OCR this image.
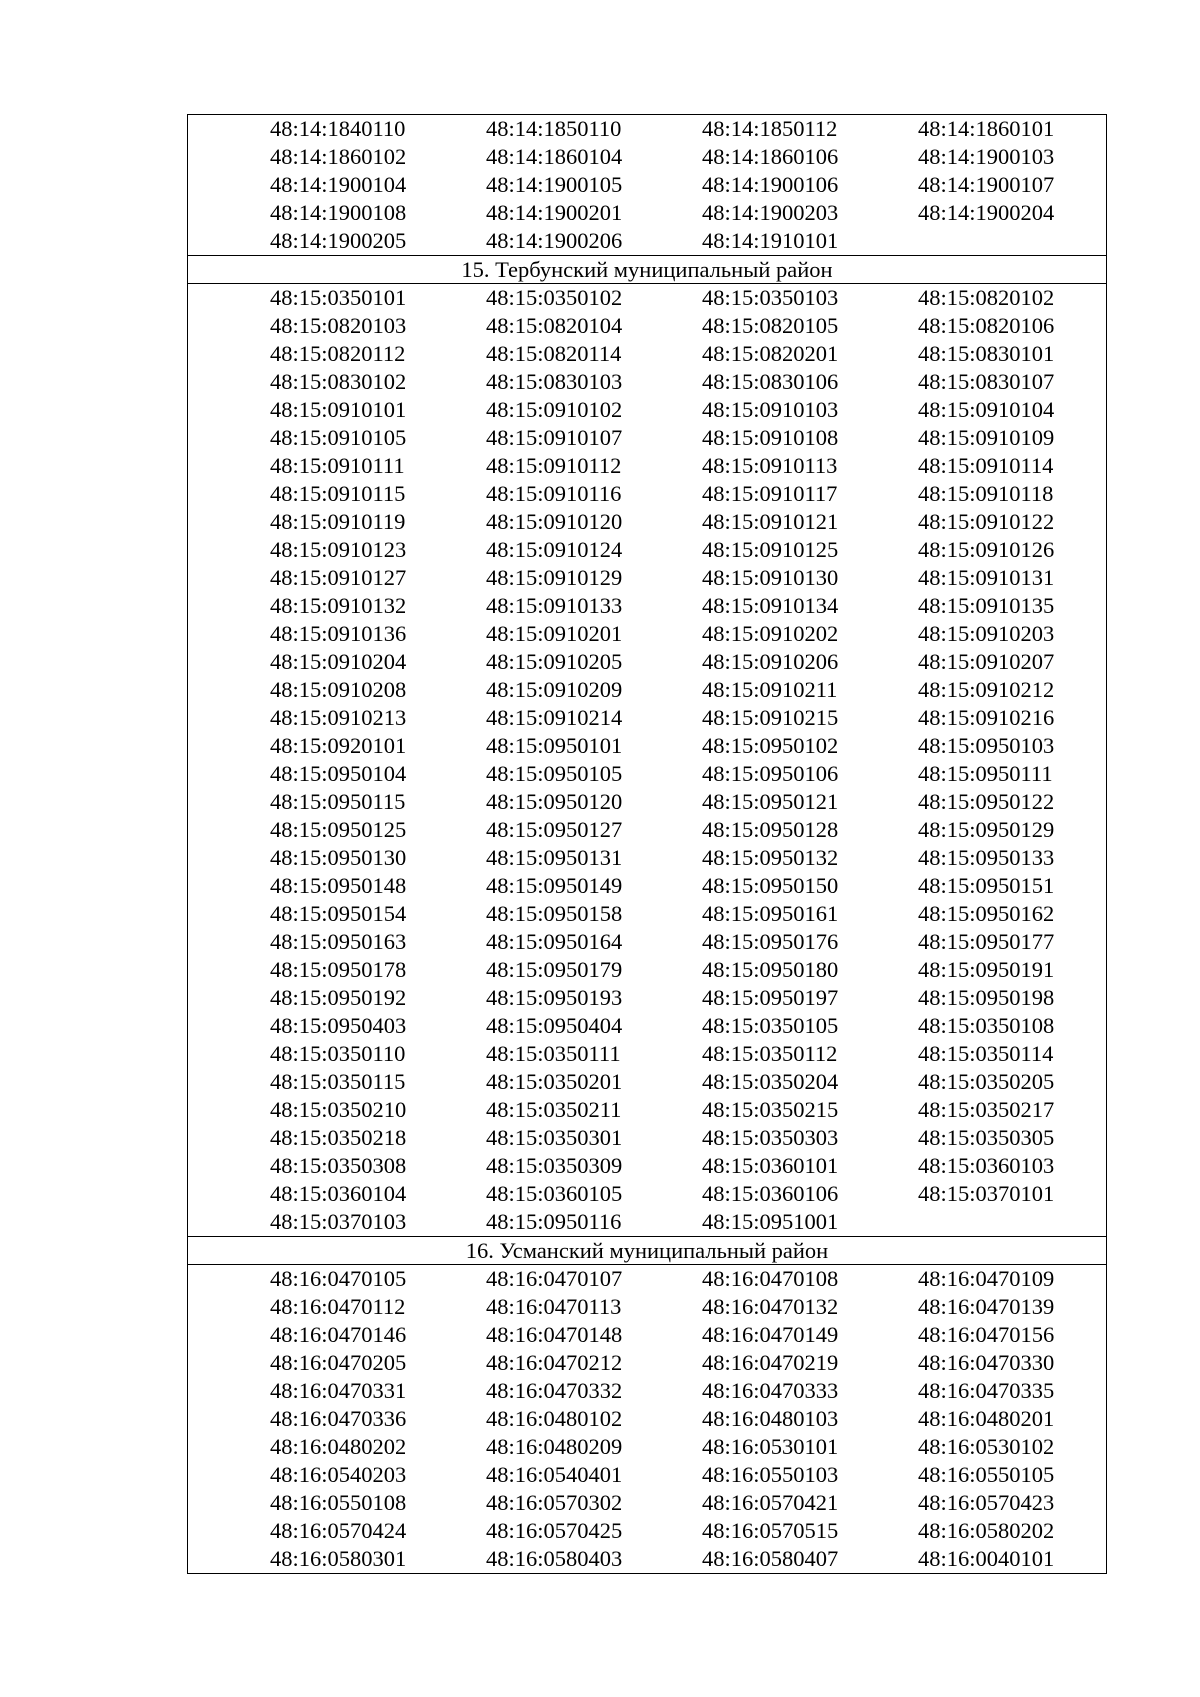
48:14:1840110	48:14:1850110	48:14:1850112	48:14:1860101
48:14:1860102	48:14:1860104	48:14:1860106	48:14:1900103
48:14:1900104	48:14:1900105	48:14:1900106	48:14:1900107
48:14:1900108	48:14:1900201	48:14:1900203	48:14:1900204
48:14:1900205	48:14:1900206	48:14:1910101
15. Тербунский муниципальный район
48:15:0350101	48:15:0350102	48:15:0350103	48:15:0820102
48:15:0820103	48:15:0820104	48:15:0820105	48:15:0820106
48:15:0820112	48:15:0820114	48:15:0820201	48:15:0830101
48:15:0830102	48:15:0830103	48:15:0830106	48:15:0830107
48:15:0910101	48:15:0910102	48:15:0910103	48:15:0910104
48:15:0910105	48:15:0910107	48:15:0910108	48:15:0910109
48:15:0910111	48:15:0910112	48:15:0910113	48:15:0910114
48:15:0910115	48:15:0910116	48:15:0910117	48:15:0910118
48:15:0910119	48:15:0910120	48:15:0910121	48:15:0910122
48:15:0910123	48:15:0910124	48:15:0910125	48:15:0910126
48:15:0910127	48:15:0910129	48:15:0910130	48:15:0910131
48:15:0910132	48:15:0910133	48:15:0910134	48:15:0910135
48:15:0910136	48:15:0910201	48:15:0910202	48:15:0910203
48:15:0910204	48:15:0910205	48:15:0910206	48:15:0910207
48:15:0910208	48:15:0910209	48:15:0910211	48:15:0910212
48:15:0910213	48:15:0910214	48:15:0910215	48:15:0910216
48:15:0920101	48:15:0950101	48:15:0950102	48:15:0950103
48:15:0950104	48:15:0950105	48:15:0950106	48:15:0950111
48:15:0950115	48:15:0950120	48:15:0950121	48:15:0950122
48:15:0950125	48:15:0950127	48:15:0950128	48:15:0950129
48:15:0950130	48:15:0950131	48:15:0950132	48:15:0950133
48:15:0950148	48:15:0950149	48:15:0950150	48:15:0950151
48:15:0950154	48:15:0950158	48:15:0950161	48:15:0950162
48:15:0950163	48:15:0950164	48:15:0950176	48:15:0950177
48:15:0950178	48:15:0950179	48:15:0950180	48:15:0950191
48:15:0950192	48:15:0950193	48:15:0950197	48:15:0950198
48:15:0950403	48:15:0950404	48:15:0350105	48:15:0350108
48:15:0350110	48:15:0350111	48:15:0350112	48:15:0350114
48:15:0350115	48:15:0350201	48:15:0350204	48:15:0350205
48:15:0350210	48:15:0350211	48:15:0350215	48:15:0350217
48:15:0350218	48:15:0350301	48:15:0350303	48:15:0350305
48:15:0350308	48:15:0350309	48:15:0360101	48:15:0360103
48:15:0360104	48:15:0360105	48:15:0360106	48:15:0370101
48:15:0370103	48:15:0950116	48:15:0951001
16. Усманский муниципальный район
48:16:0470105	48:16:0470107	48:16:0470108	48:16:0470109
48:16:0470112	48:16:0470113	48:16:0470132	48:16:0470139
48:16:0470146	48:16:0470148	48:16:0470149	48:16:0470156
48:16:0470205	48:16:0470212	48:16:0470219	48:16:0470330
48:16:0470331	48:16:0470332	48:16:0470333	48:16:0470335
48:16:0470336	48:16:0480102	48:16:0480103	48:16:0480201
48:16:0480202	48:16:0480209	48:16:0530101	48:16:0530102
48:16:0540203	48:16:0540401	48:16:0550103	48:16:0550105
48:16:0550108	48:16:0570302	48:16:0570421	48:16:0570423
48:16:0570424	48:16:0570425	48:16:0570515	48:16:0580202
48:16:0580301	48:16:0580403	48:16:0580407	48:16:0040101
